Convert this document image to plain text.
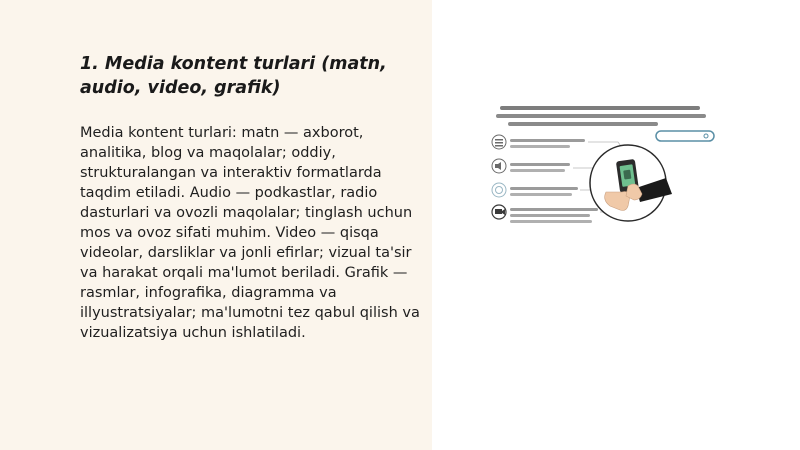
1. Media kontent turlari (matn, audio, video, grafik)

Media kontent turlari: matn — axborot, analitika, blog va maqolalar; oddiy, strukturalangan va interaktiv formatlarda taqdim etiladi. Audio — podkastlar, radio dasturlari va ovozli maqolalar; tinglash uchun mos va ovoz sifati muhim. Video — qisqa videolar, darsliklar va jonli efirlar; vizual ta'sir va harakat orqali ma'lumot beriladi. Grafik — rasmlar, infografika, diagramma va illyustratsiyalar; ma'lumotni tez qabul qilish va vizualizatsiya uchun ishlatiladi.
